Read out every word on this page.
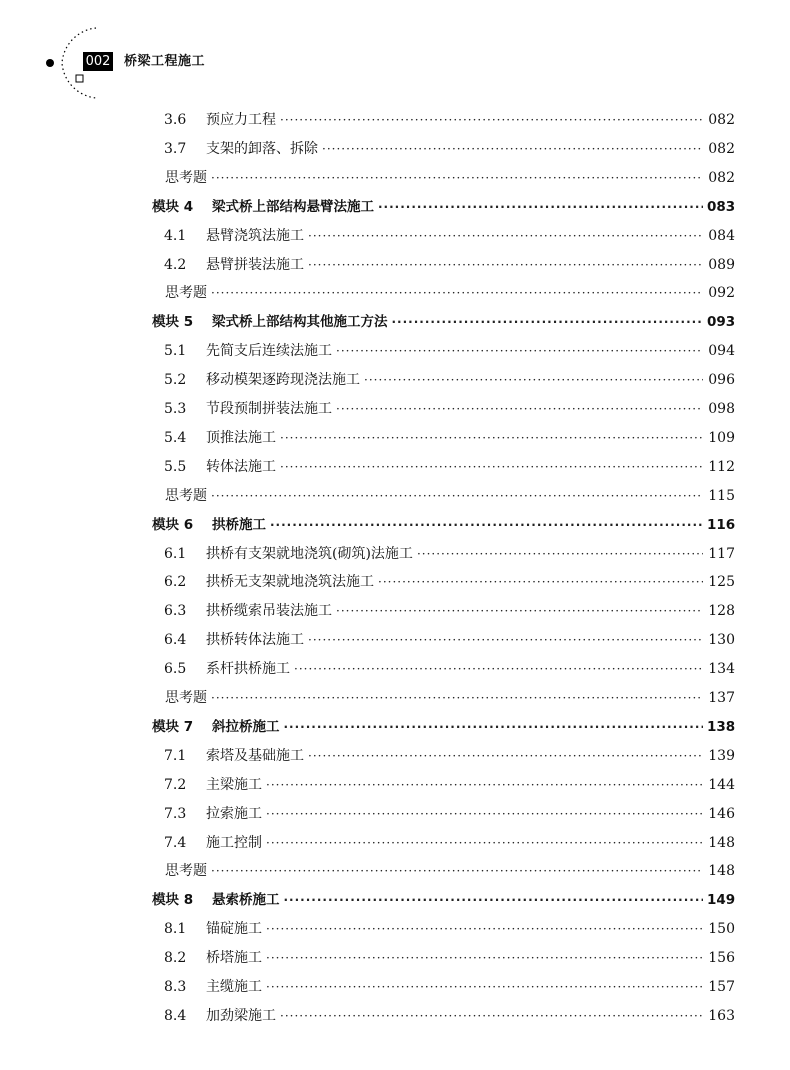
002 桥梁工程施工
3.6	预应力工程 ·····	082
3.7	支架的卸落、拆除 ·····	082
思考题 ·····	082
模块 4	梁式桥上部结构悬臂法施工 ·····	083
4.1	悬臂浇筑法施工 ·····	084
4.2	悬臂拼装法施工 ·····	089
思考题 ·····	092
模块 5	梁式桥上部结构其他施工方法 ·····	093
5.1	先简支后连续法施工 ·····	094
5.2	移动模架逐跨现浇法施工 ·····	096
5.3	节段预制拼装法施工 ·····	098
5.4	顶推法施工 ·····	109
5.5	转体法施工 ·····	112
思考题 ·····	115
模块 6	拱桥施工 ·····	116
6.1	拱桥有支架就地浇筑(砌筑)法施工 ·····	117
6.2	拱桥无支架就地浇筑法施工 ·····	125
6.3	拱桥缆索吊装法施工 ·····	128
6.4	拱桥转体法施工 ·····	130
6.5	系杆拱桥施工 ·····	134
思考题 ·····	137
模块 7	斜拉桥施工 ·····	138
7.1	索塔及基础施工 ·····	139
7.2	主梁施工 ·····	144
7.3	拉索施工 ·····	146
7.4	施工控制 ·····	148
思考题 ·····	148
模块 8	悬索桥施工 ·····	149
8.1	锚碇施工 ·····	150
8.2	桥塔施工 ·····	156
8.3	主缆施工 ·····	157
8.4	加劲梁施工 ·····	163
